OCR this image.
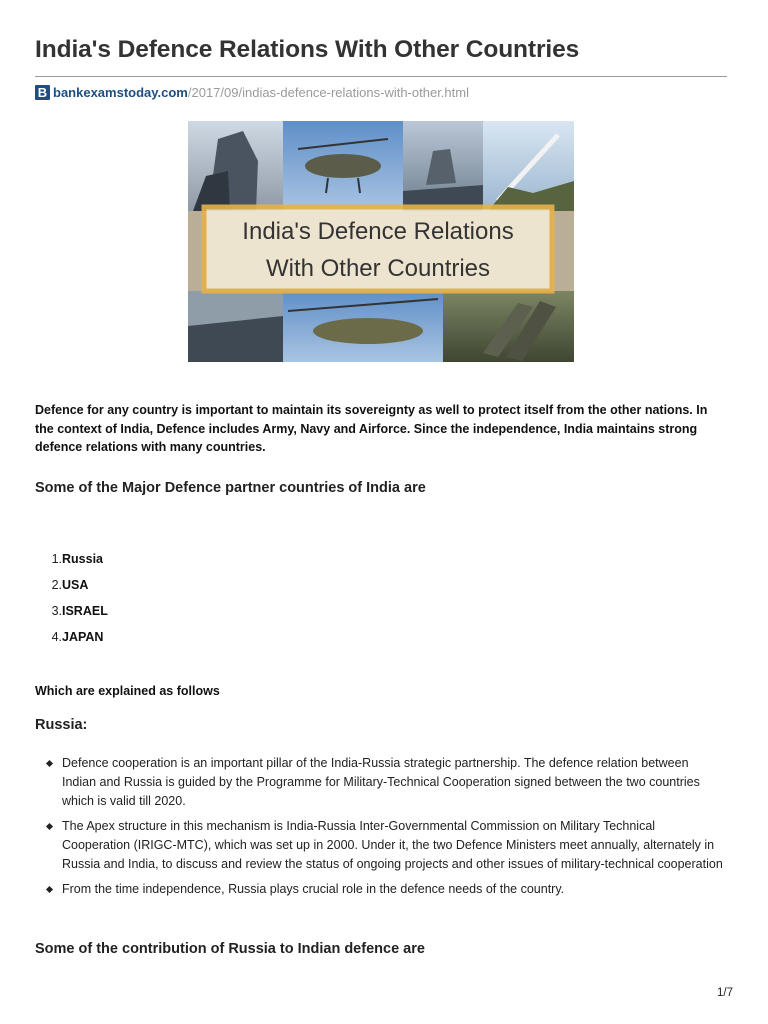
India's Defence Relations With Other Countries
B bankexamstoday.com /2017/09/indias-defence-relations-with-other.html
India's Defence Relations
With Other Countries

Defence for any country is important to maintain its sovereignty as well to protect itself from the other nations. In the context of India, Defence includes Army, Navy and Airforce. Since the independence, India maintains strong defence relations with many countries.

Some of the Major Defence partner countries of India are
1. Russia
2. USA
3. ISRAEL
4. JAPAN

Which are explained as follows

Russia:
Defence cooperation is an important pillar of the India-Russia strategic partnership. The defence relation between Indian and Russia is guided by the Programme for Military-Technical Cooperation signed between the two countries which is valid till 2020.
The Apex structure in this mechanism is India-Russia Inter-Governmental Commission on Military Technical Cooperation (IRIGC-MTC), which was set up in 2000. Under it, the two Defence Ministers meet annually, alternately in Russia and India, to discuss and review the status of ongoing projects and other issues of military-technical cooperation
From the time independence, Russia plays crucial role in the defence needs of the country.
Some of the contribution of Russia to Indian defence are
1/7
